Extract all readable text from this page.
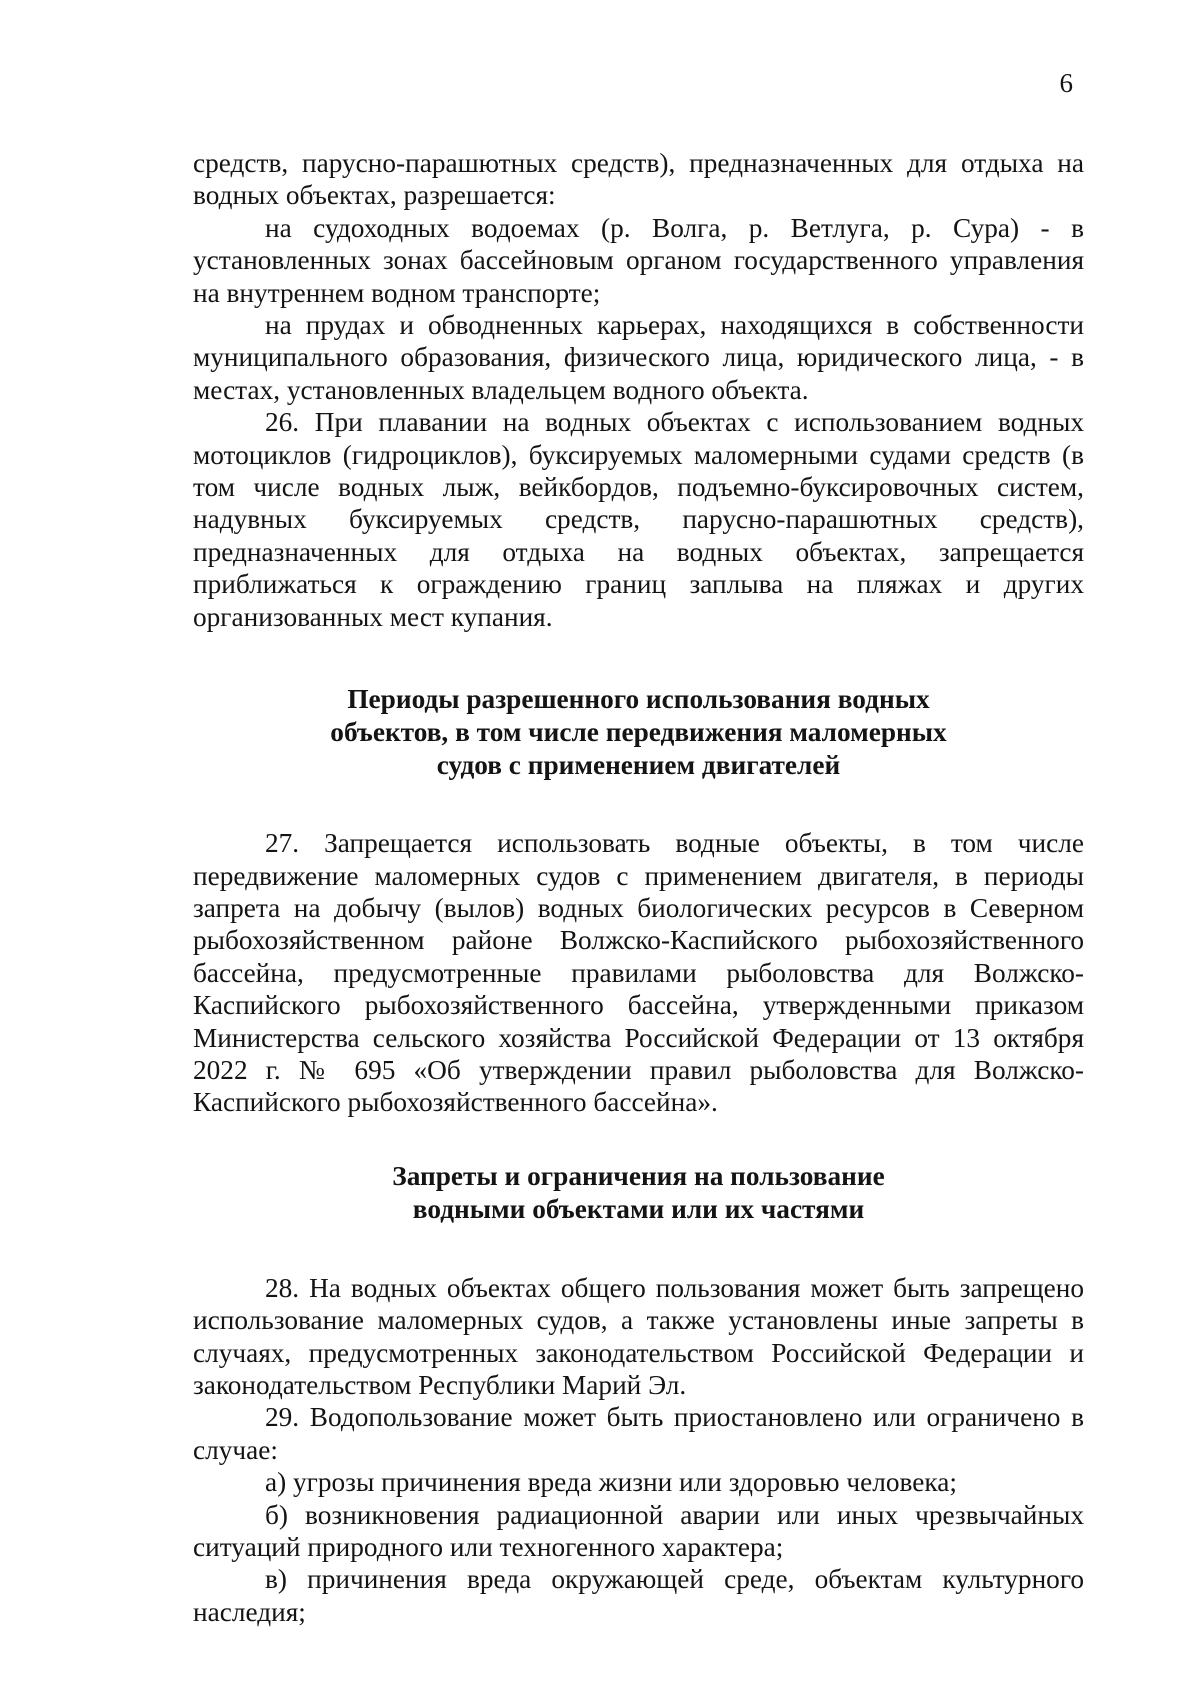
6

средств, парусно-парашютных средств), предназначенных для отдыха на водных объектах, разрешается:

на судоходных водоемах (р. Волга, р. Ветлуга, р. Сура) - в установленных зонах бассейновым органом государственного управления на внутреннем водном транспорте;

на прудах и обводненных карьерах, находящихся в собственности муниципального образования, физического лица, юридического лица, - в местах, установленных владельцем водного объекта.

26. При плавании на водных объектах с использованием водных мотоциклов (гидроциклов), буксируемых маломерными судами средств (в том числе водных лыж, вейкбордов, подъемно-буксировочных систем, надувных буксируемых средств, парусно-парашютных средств), предназначенных для отдыха на водных объектах, запрещается приближаться к ограждению границ заплыва на пляжах и других организованных мест купания.

Периоды разрешенного использования водных
объектов, в том числе передвижения маломерных
судов с применением двигателей

27. Запрещается использовать водные объекты, в том числе передвижение маломерных судов с применением двигателя, в периоды запрета на добычу (вылов) водных биологических ресурсов в Северном рыбохозяйственном районе Волжско-Каспийского рыбохозяйственного бассейна, предусмотренные правилами рыболовства для Волжско-Каспийского рыбохозяйственного бассейна, утвержденными приказом Министерства сельского хозяйства Российской Федерации от 13 октября 2022 г. № 695 «Об утверждении правил рыболовства для Волжско-Каспийского рыбохозяйственного бассейна».

Запреты и ограничения на пользование
водными объектами или их частями

28. На водных объектах общего пользования может быть запрещено использование маломерных судов, а также установлены иные запреты в случаях, предусмотренных законодательством Российской Федерации и законодательством Республики Марий Эл.

29. Водопользование может быть приостановлено или ограничено в случае:

а) угрозы причинения вреда жизни или здоровью человека;

б) возникновения радиационной аварии или иных чрезвычайных ситуаций природного или техногенного характера;

в) причинения вреда окружающей среде, объектам культурного наследия;
